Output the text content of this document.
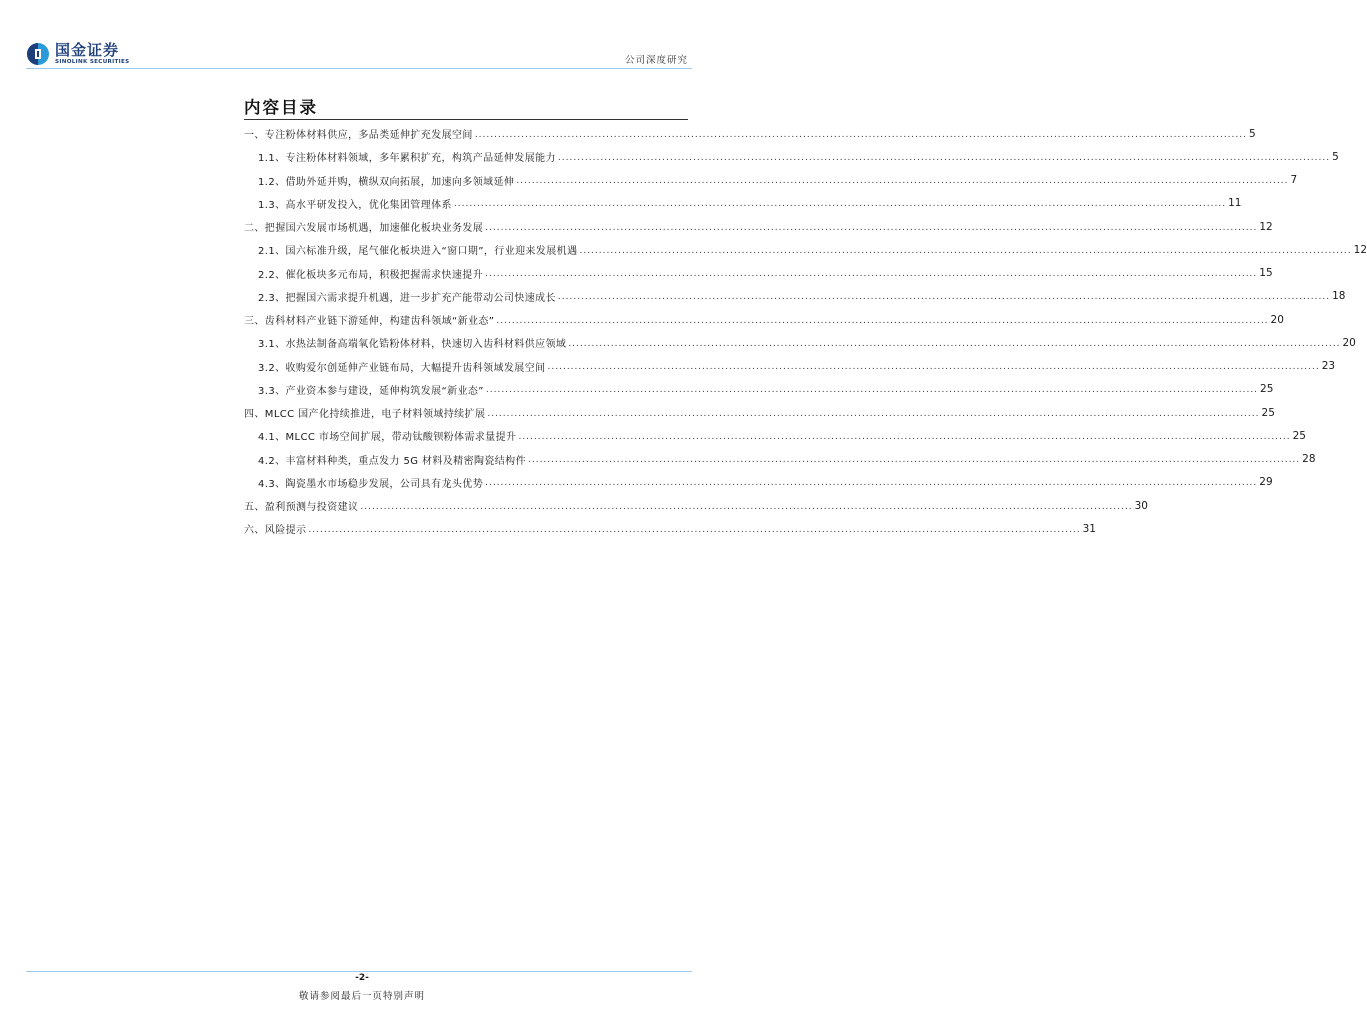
国金证券
SINOLINK SECURITIES	公司深度研究
内容目录
一、专注粉体材料供应，多品类延伸扩充发展空间 ........................................................................................................................................................................................................ 5
1.1、专注粉体材料领域，多年累积扩充，构筑产品延伸发展能力 ........................................................................................................................................................................................................ 5
1.2、借助外延并购，横纵双向拓展，加速向多领域延伸 ........................................................................................................................................................................................................ 7
1.3、高水平研发投入，优化集团管理体系 ........................................................................................................................................................................................................ 11
二、把握国六发展市场机遇，加速催化板块业务发展 ........................................................................................................................................................................................................ 12
2.1、国六标准升级，尾气催化板块进入“窗口期”，行业迎来发展机遇 ........................................................................................................................................................................................................ 12
2.2、催化板块多元布局，积极把握需求快速提升 ........................................................................................................................................................................................................ 15
2.3、把握国六需求提升机遇，进一步扩充产能带动公司快速成长 ........................................................................................................................................................................................................ 18
三、齿科材料产业链下游延伸，构建齿科领域“新业态” ........................................................................................................................................................................................................ 20
3.1、水热法制备高端氧化锆粉体材料，快速切入齿科材料供应领域 ........................................................................................................................................................................................................ 20
3.2、收购爱尔创延伸产业链布局，大幅提升齿科领域发展空间 ........................................................................................................................................................................................................ 23
3.3、产业资本参与建设，延伸构筑发展“新业态” ........................................................................................................................................................................................................ 25
四、MLCC 国产化持续推进，电子材料领域持续扩展 ........................................................................................................................................................................................................ 25
4.1、MLCC 市场空间扩展，带动钛酸钡粉体需求量提升 ........................................................................................................................................................................................................ 25
4.2、丰富材料种类，重点发力 5G 材料及精密陶瓷结构件 ........................................................................................................................................................................................................ 28
4.3、陶瓷墨水市场稳步发展，公司具有龙头优势 ........................................................................................................................................................................................................ 29
五、盈利预测与投资建议 ........................................................................................................................................................................................................ 30
六、风险提示 ........................................................................................................................................................................................................ 31
-2-
敬请参阅最后一页特别声明
